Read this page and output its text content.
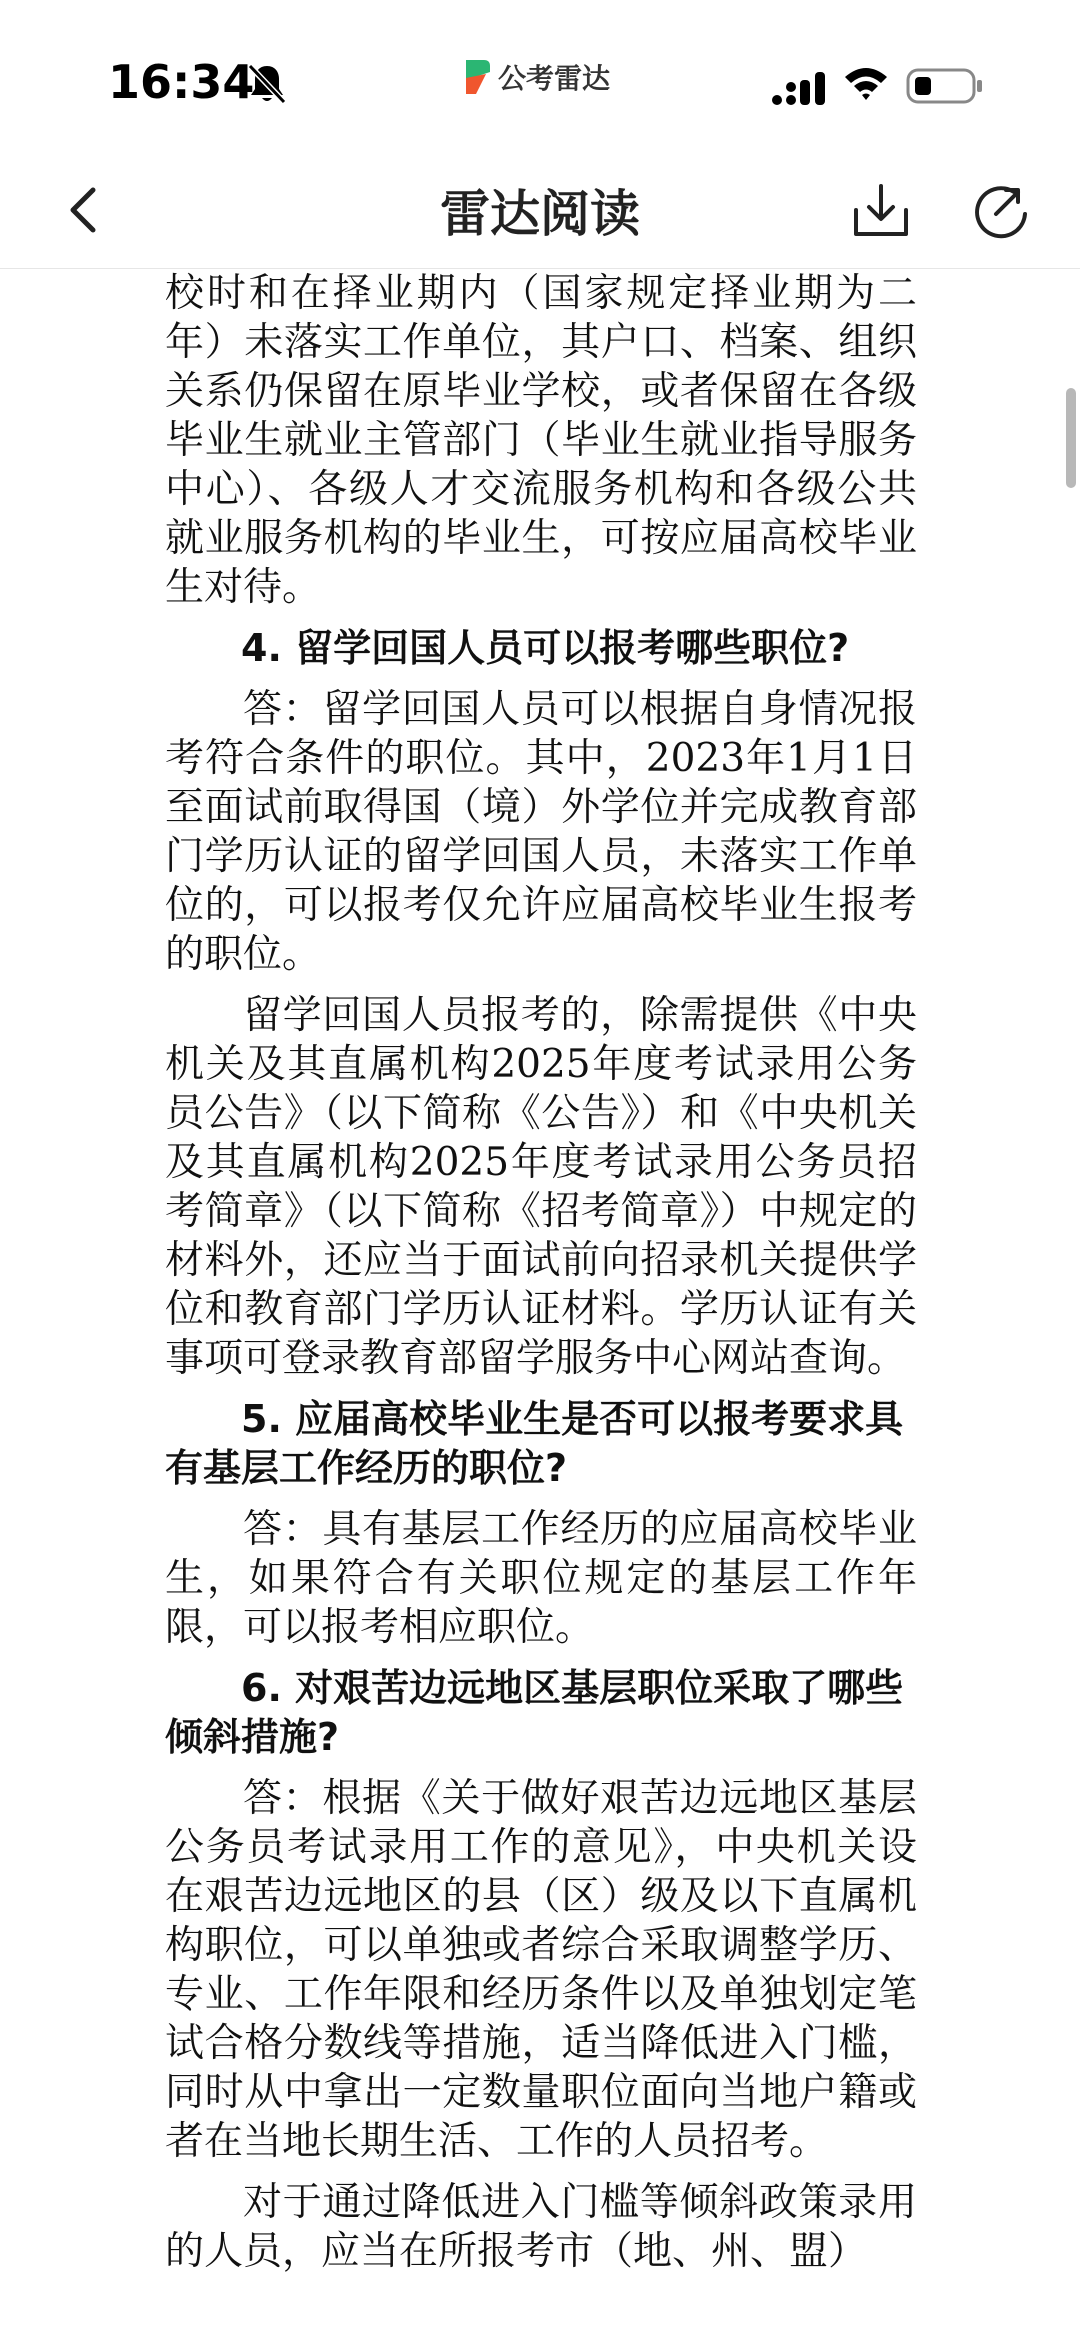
16:34	公考雷达
雷达阅读

校时和在择业期内（国家规定择业期为二年）未落实工作单位，其户口、档案、组织关系仍保留在原毕业学校，或者保留在各级毕业生就业主管部门（毕业生就业指导服务中心）、各级人才交流服务机构和各级公共就业服务机构的毕业生，可按应届高校毕业生对待。

4. 留学回国人员可以报考哪些职位?

答：留学回国人员可以根据自身情况报考符合条件的职位。其中，2023年1月1日至面试前取得国（境）外学位并完成教育部门学历认证的留学回国人员，未落实工作单位的，可以报考仅允许应届高校毕业生报考的职位。

留学回国人员报考的，除需提供《中央机关及其直属机构2025年度考试录用公务员公告》（以下简称《公告》）和《中央机关及其直属机构2025年度考试录用公务员招考简章》（以下简称《招考简章》）中规定的材料外，还应当于面试前向招录机关提供学位和教育部门学历认证材料。学历认证有关事项可登录教育部留学服务中心网站查询。

5. 应届高校毕业生是否可以报考要求具有基层工作经历的职位?

答：具有基层工作经历的应届高校毕业生，如果符合有关职位规定的基层工作年限，可以报考相应职位。

6. 对艰苦边远地区基层职位采取了哪些倾斜措施?

答：根据《关于做好艰苦边远地区基层公务员考试录用工作的意见》，中央机关设在艰苦边远地区的县（区）级及以下直属机构职位，可以单独或者综合采取调整学历、专业、工作年限和经历条件以及单独划定笔试合格分数线等措施，适当降低进入门槛，同时从中拿出一定数量职位面向当地户籍或者在当地长期生活、工作的人员招考。

对于通过降低进入门槛等倾斜政策录用的人员，应当在所报考市（地、州、盟）
